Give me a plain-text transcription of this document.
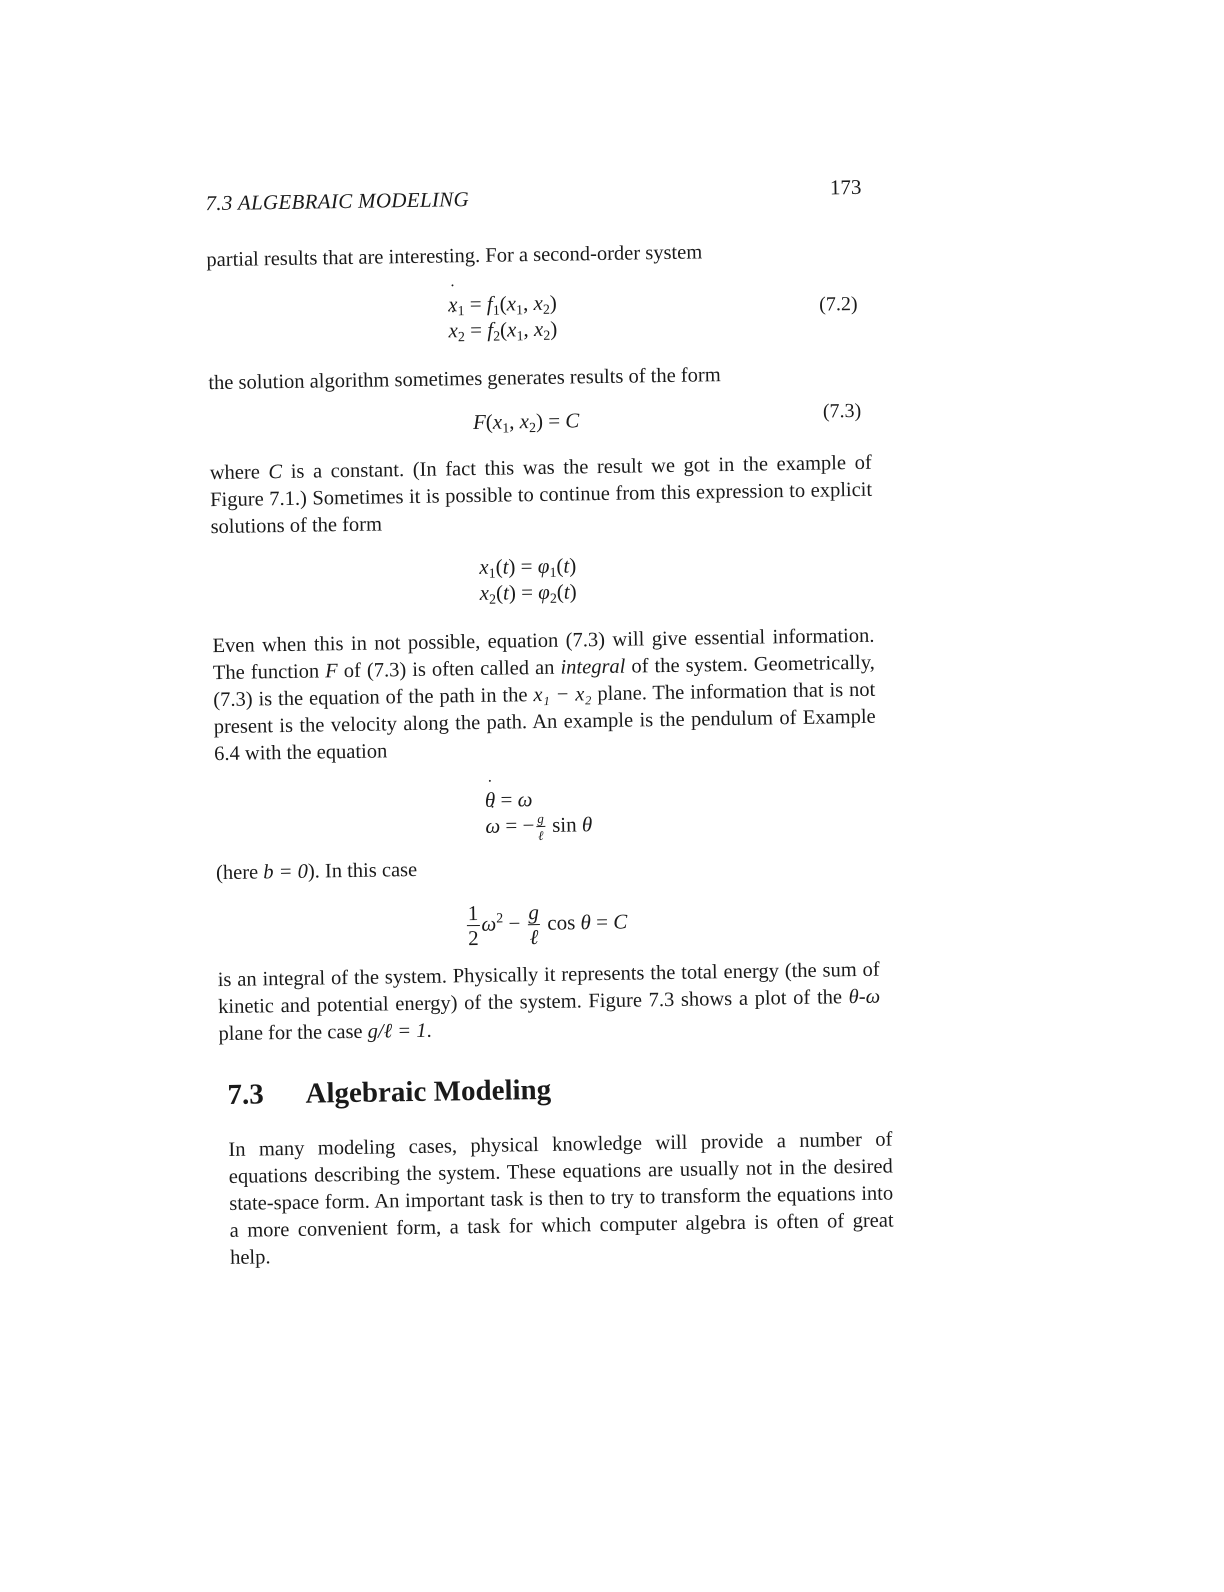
7.3 ALGEBRAIC MODELING	173
partial results that are interesting. For a second-order system
x $˙_1 = f_1(x_1$, $x_2$)
x $˙_2 = f_2(x_1$, $x_2$)
(7.2)
the solution algorithm sometimes generates results of the form
$F(x_1$, $x_2) = C$	(7.3)
where C is a constant. (In fact this was the result we got in the example of Figure 7.1.) Sometimes it is possible to continue from this expression to explicit solutions of the form
$x_1(t) = \varphi_1(t)$
$x_2(t) = \varphi_2(t)$
Even when this in not possible, equation (7.3) will give essential information. The function F of (7.3) is often called an integral of the system. Geometrically, (7.3) is the equation of the path in the x₁ − x₂ plane. The information that is not present is the velocity along the path. An example is the pendulum of Example 6.4 with the equation
θ ˙ = ω
ω ˙ = − $\frac{g}{\text{ℓ}}$ sin θ
(here b = 0). In this case
$\frac{1}{2} \omega^2 - \frac{g}{\text{ℓ}}$ cos θ = C
is an integral of the system. Physically it represents the total energy (the sum of kinetic and potential energy) of the system. Figure 7.3 shows a plot of the θ-ω plane for the case g/ℓ = 1.
7.3 Algebraic Modeling
In many modeling cases, physical knowledge will provide a number of equations describing the system. These equations are usually not in the desired state-space form. An important task is then to try to transform the equations into a more convenient form, a task for which computer algebra is often of great help.
